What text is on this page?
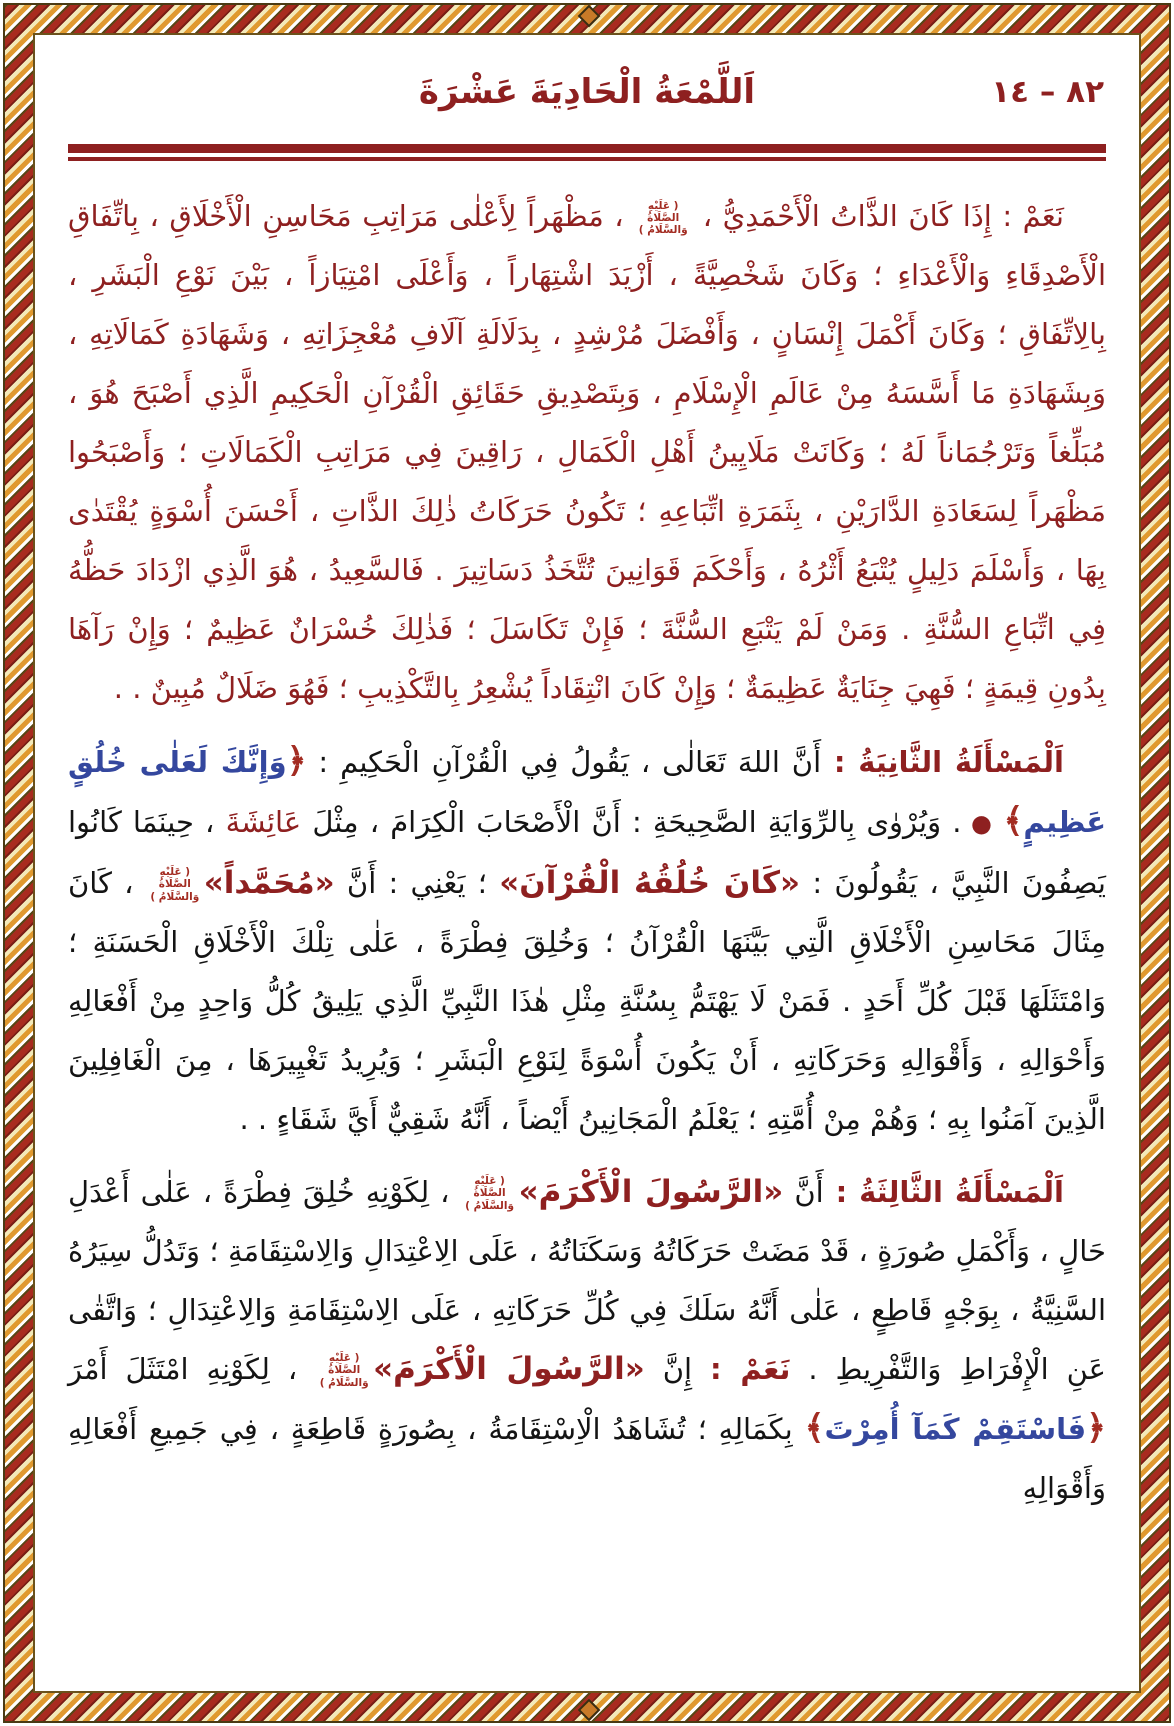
٨٢ – ١٤
اَللَّمْعَةُ الْحَادِيَةَ عَشْرَةَ

نَعَمْ : إِذَا كَانَ الذَّاتُ الْأَحْمَدِيُّ ، ( عَلَيْهِ الصَّلَاةُ وَالسَّلَامُ ) ، مَظْهَراً لِأَعْلٰى مَرَاتِبِ مَحَاسِنِ الْأَخْلَاقِ ، بِاتِّفَاقِ الْأَصْدِقَاءِ وَالْأَعْدَاءِ ؛ وَكَانَ شَخْصِيَّةً ، أَزْيَدَ اشْتِهَاراً ، وَأَعْلَى امْتِيَازاً ، بَيْنَ نَوْعِ الْبَشَرِ ، بِالِاتِّفَاقِ ؛ وَكَانَ أَكْمَلَ إِنْسَانٍ ، وَأَفْضَلَ مُرْشِدٍ ، بِدَلَالَةِ آلَافِ مُعْجِزَاتِهِ ، وَشَهَادَةِ كَمَالَاتِهِ ، وَبِشَهَادَةِ مَا أَسَّسَهُ مِنْ عَالَمِ الْإِسْلَامِ ، وَبِتَصْدِيقِ حَقَائِقِ الْقُرْآنِ الْحَكِيمِ الَّذِي أَصْبَحَ هُوَ ، مُبَلِّغاً وَتَرْجُمَاناً لَهُ ؛ وَكَانَتْ مَلَايِينُ أَهْلِ الْكَمَالِ ، رَاقِينَ فِي مَرَاتِبِ الْكَمَالَاتِ ؛ وَأَصْبَحُوا مَظْهَراً لِسَعَادَةِ الدَّارَيْنِ ، بِثَمَرَةِ اتِّبَاعِهِ ؛ تَكُونُ حَرَكَاتُ ذٰلِكَ الذَّاتِ ، أَحْسَنَ أُسْوَةٍ يُقْتَدٰى بِهَا ، وَأَسْلَمَ دَلِيلٍ يُتْبَعُ أَثْرُهُ ، وَأَحْكَمَ قَوَانِينَ تُتَّخَذُ دَسَاتِيرَ . فَالسَّعِيدُ ، هُوَ الَّذِي ازْدَادَ حَظُّهُ فِي اتِّبَاعِ السُّنَّةِ . وَمَنْ لَمْ يَتْبَعِ السُّنَّةَ ؛ فَإِنْ تَكَاسَلَ ؛ فَذٰلِكَ خُسْرَانٌ عَظِيمٌ ؛ وَإِنْ رَآهَا بِدُونِ قِيمَةٍ ؛ فَهِيَ جِنَايَةٌ عَظِيمَةٌ ؛ وَإِنْ كَانَ انْتِقَاداً يُشْعِرُ بِالتَّكْذِيبِ ؛ فَهُوَ ضَلَالٌ مُبِينٌ . .

اَلْمَسْأَلَةُ الثَّانِيَةُ : أَنَّ اللهَ تَعَالٰى ، يَقُولُ فِي الْقُرْآنِ الْحَكِيمِ : ﴿وَإِنَّكَ لَعَلٰى خُلُقٍ عَظِيمٍ﴾ ● . وَيُرْوٰى بِالرِّوَايَةِ الصَّحِيحَةِ : أَنَّ الْأَصْحَابَ الْكِرَامَ ، مِثْلَ عَائِشَةَ ، حِينَمَا كَانُوا يَصِفُونَ النَّبِيَّ ، يَقُولُونَ : «كَانَ خُلُقُهُ الْقُرْآنَ» ؛ يَعْنِي : أَنَّ «مُحَمَّداً»( عَلَيْهِ الصَّلَاةُ وَالسَّلَامُ ) ، كَانَ مِثَالَ مَحَاسِنِ الْأَخْلَاقِ الَّتِي بَيَّنَهَا الْقُرْآنُ ؛ وَخُلِقَ فِطْرَةً ، عَلٰى تِلْكَ الْأَخْلَاقِ الْحَسَنَةِ ؛ وَامْتَثَلَهَا قَبْلَ كُلِّ أَحَدٍ . فَمَنْ لَا يَهْتَمُّ بِسُنَّةِ مِثْلِ هٰذَا النَّبِيِّ الَّذِي يَلِيقُ كُلُّ وَاحِدٍ مِنْ أَفْعَالِهِ وَأَحْوَالِهِ ، وَأَقْوَالِهِ وَحَرَكَاتِهِ ، أَنْ يَكُونَ أُسْوَةً لِنَوْعِ الْبَشَرِ ؛ وَيُرِيدُ تَغْيِيرَهَا ، مِنَ الْغَافِلِينَ الَّذِينَ آمَنُوا بِهِ ؛ وَهُمْ مِنْ أُمَّتِهِ ؛ يَعْلَمُ الْمَجَانِينُ أَيْضاً ، أَنَّهُ شَقِيٌّ أَيَّ شَقَاءٍ . .

اَلْمَسْأَلَةُ الثَّالِثَةُ : أَنَّ «الرَّسُولَ الْأَكْرَمَ»( عَلَيْهِ الصَّلَاةُ وَالسَّلَامُ ) ، لِكَوْنِهِ خُلِقَ فِطْرَةً ، عَلٰى أَعْدَلِ حَالٍ ، وَأَكْمَلِ صُورَةٍ ، قَدْ مَضَتْ حَرَكَاتُهُ وَسَكَنَاتُهُ ، عَلَى الِاعْتِدَالِ وَالِاسْتِقَامَةِ ؛ وَتَدُلُّ سِيَرُهُ السَّنِيَّةُ ، بِوَجْهٍ قَاطِعٍ ، عَلٰى أَنَّهُ سَلَكَ فِي كُلِّ حَرَكَاتِهِ ، عَلَى الِاسْتِقَامَةِ وَالِاعْتِدَالِ ؛ وَاتَّقٰى عَنِ الْإِفْرَاطِ وَالتَّفْرِيطِ . نَعَمْ : إِنَّ «الرَّسُولَ الْأَكْرَمَ»( عَلَيْهِ الصَّلَاةُ وَالسَّلَامُ ) ، لِكَوْنِهِ امْتَثَلَ أَمْرَ ﴿فَاسْتَقِمْ كَمَآ أُمِرْتَ﴾ بِكَمَالِهِ ؛ تُشَاهَدُ الْاِسْتِقَامَةُ ، بِصُورَةٍ قَاطِعَةٍ ، فِي جَمِيعِ أَفْعَالِهِ وَأَقْوَالِهِ
